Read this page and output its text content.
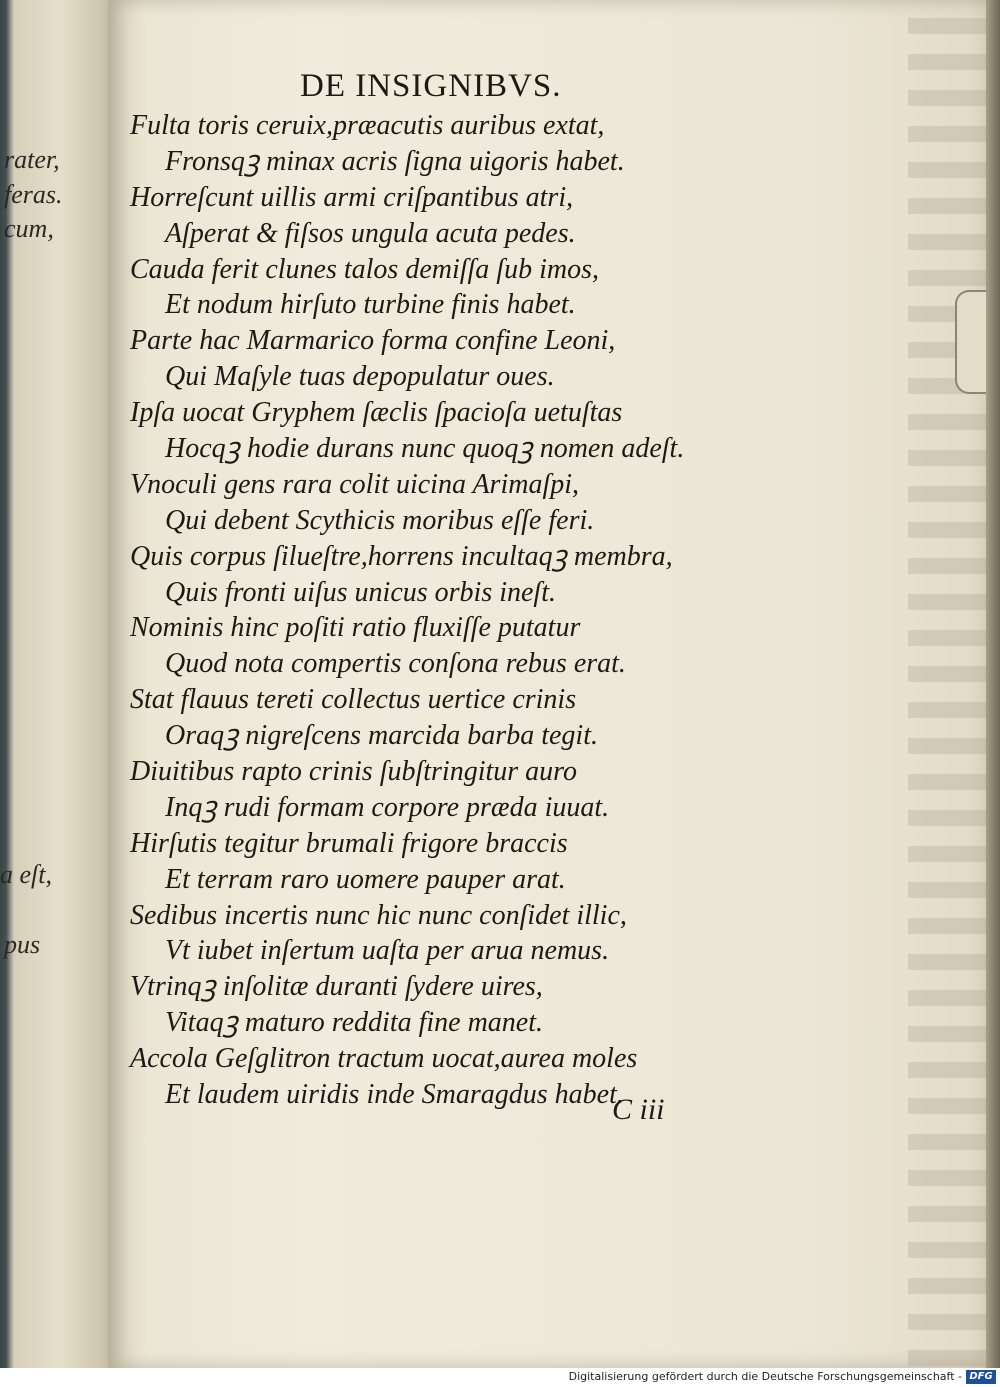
rater,
feras.
cum,
a eſt,
pus
DE INSIGNIBVS.
Fulta toris ceruix,præacutis auribus extat,
Fronsqꝫ minax acris ſigna uigoris habet.
Horreſcunt uillis armi criſpantibus atri,
Aſperat & fiſsos ungula acuta pedes.
Cauda ferit clunes talos demiſſa ſub imos,
Et nodum hirſuto turbine finis habet.
Parte hac Marmarico forma confine Leoni,
Qui Maſyle tuas depopulatur oues.
Ipſa uocat Gryphem ſæclis ſpacioſa uetuſtas
Hocqꝫ hodie durans nunc quoqꝫ nomen adeſt.
Vnoculi gens rara colit uicina Arimaſpi,
Qui debent Scythicis moribus eſſe feri.
Quis corpus ſilueſtre,horrens incultaqꝫ membra,
Quis fronti uiſus unicus orbis ineſt.
Nominis hinc poſiti ratio fluxiſſe putatur
Quod nota compertis conſona rebus erat.
Stat flauus tereti collectus uertice crinis
Oraqꝫ nigreſcens marcida barba tegit.
Diuitibus rapto crinis ſubſtringitur auro
Inqꝫ rudi formam corpore præda iuuat.
Hirſutis tegitur brumali frigore braccis
Et terram raro uomere pauper arat.
Sedibus incertis nunc hic nunc conſidet illic,
Vt iubet inſertum uaſta per arua nemus.
Vtrinqꝫ inſolitæ duranti ſydere uires,
Vitaqꝫ maturo reddita fine manet.
Accola Geſglitron tractum uocat,aurea moles
Et laudem uiridis inde Smaragdus habet.
C iii
Digitalisierung gefördert durch die Deutsche Forschungsgemeinschaft - DFG
